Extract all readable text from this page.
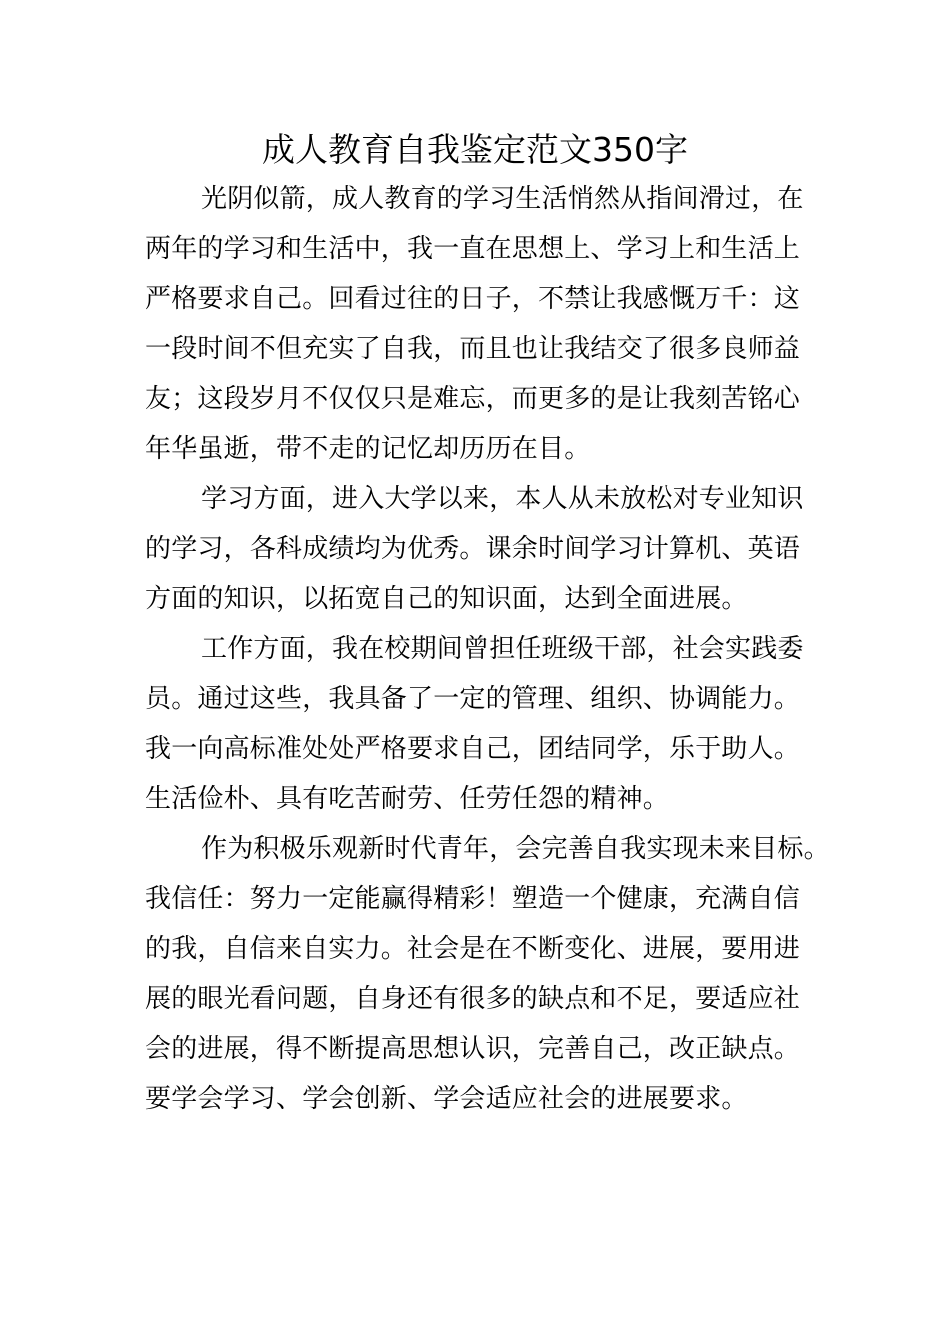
成人教育自我鉴定范文350字
光阴似箭，成人教育的学习生活悄然从指间滑过，在
两年的学习和生活中，我一直在思想上、学习上和生活上
严格要求自己。回看过往的日子，不禁让我感慨万千：这
一段时间不但充实了自我，而且也让我结交了很多良师益
友；这段岁月不仅仅只是难忘，而更多的是让我刻苦铭心
年华虽逝，带不走的记忆却历历在目。
学习方面，进入大学以来，本人从未放松对专业知识
的学习，各科成绩均为优秀。课余时间学习计算机、英语
方面的知识，以拓宽自己的知识面，达到全面进展。
工作方面，我在校期间曾担任班级干部，社会实践委
员。通过这些，我具备了一定的管理、组织、协调能力。
我一向高标准处处严格要求自己，团结同学，乐于助人。
生活俭朴、具有吃苦耐劳、任劳任怨的精神。
作为积极乐观新时代青年，会完善自我实现未来目标。
我信任：努力一定能赢得精彩！塑造一个健康，充满自信
的我，自信来自实力。社会是在不断变化、进展，要用进
展的眼光看问题，自身还有很多的缺点和不足，要适应社
会的进展，得不断提高思想认识，完善自己，改正缺点。
要学会学习、学会创新、学会适应社会的进展要求。
